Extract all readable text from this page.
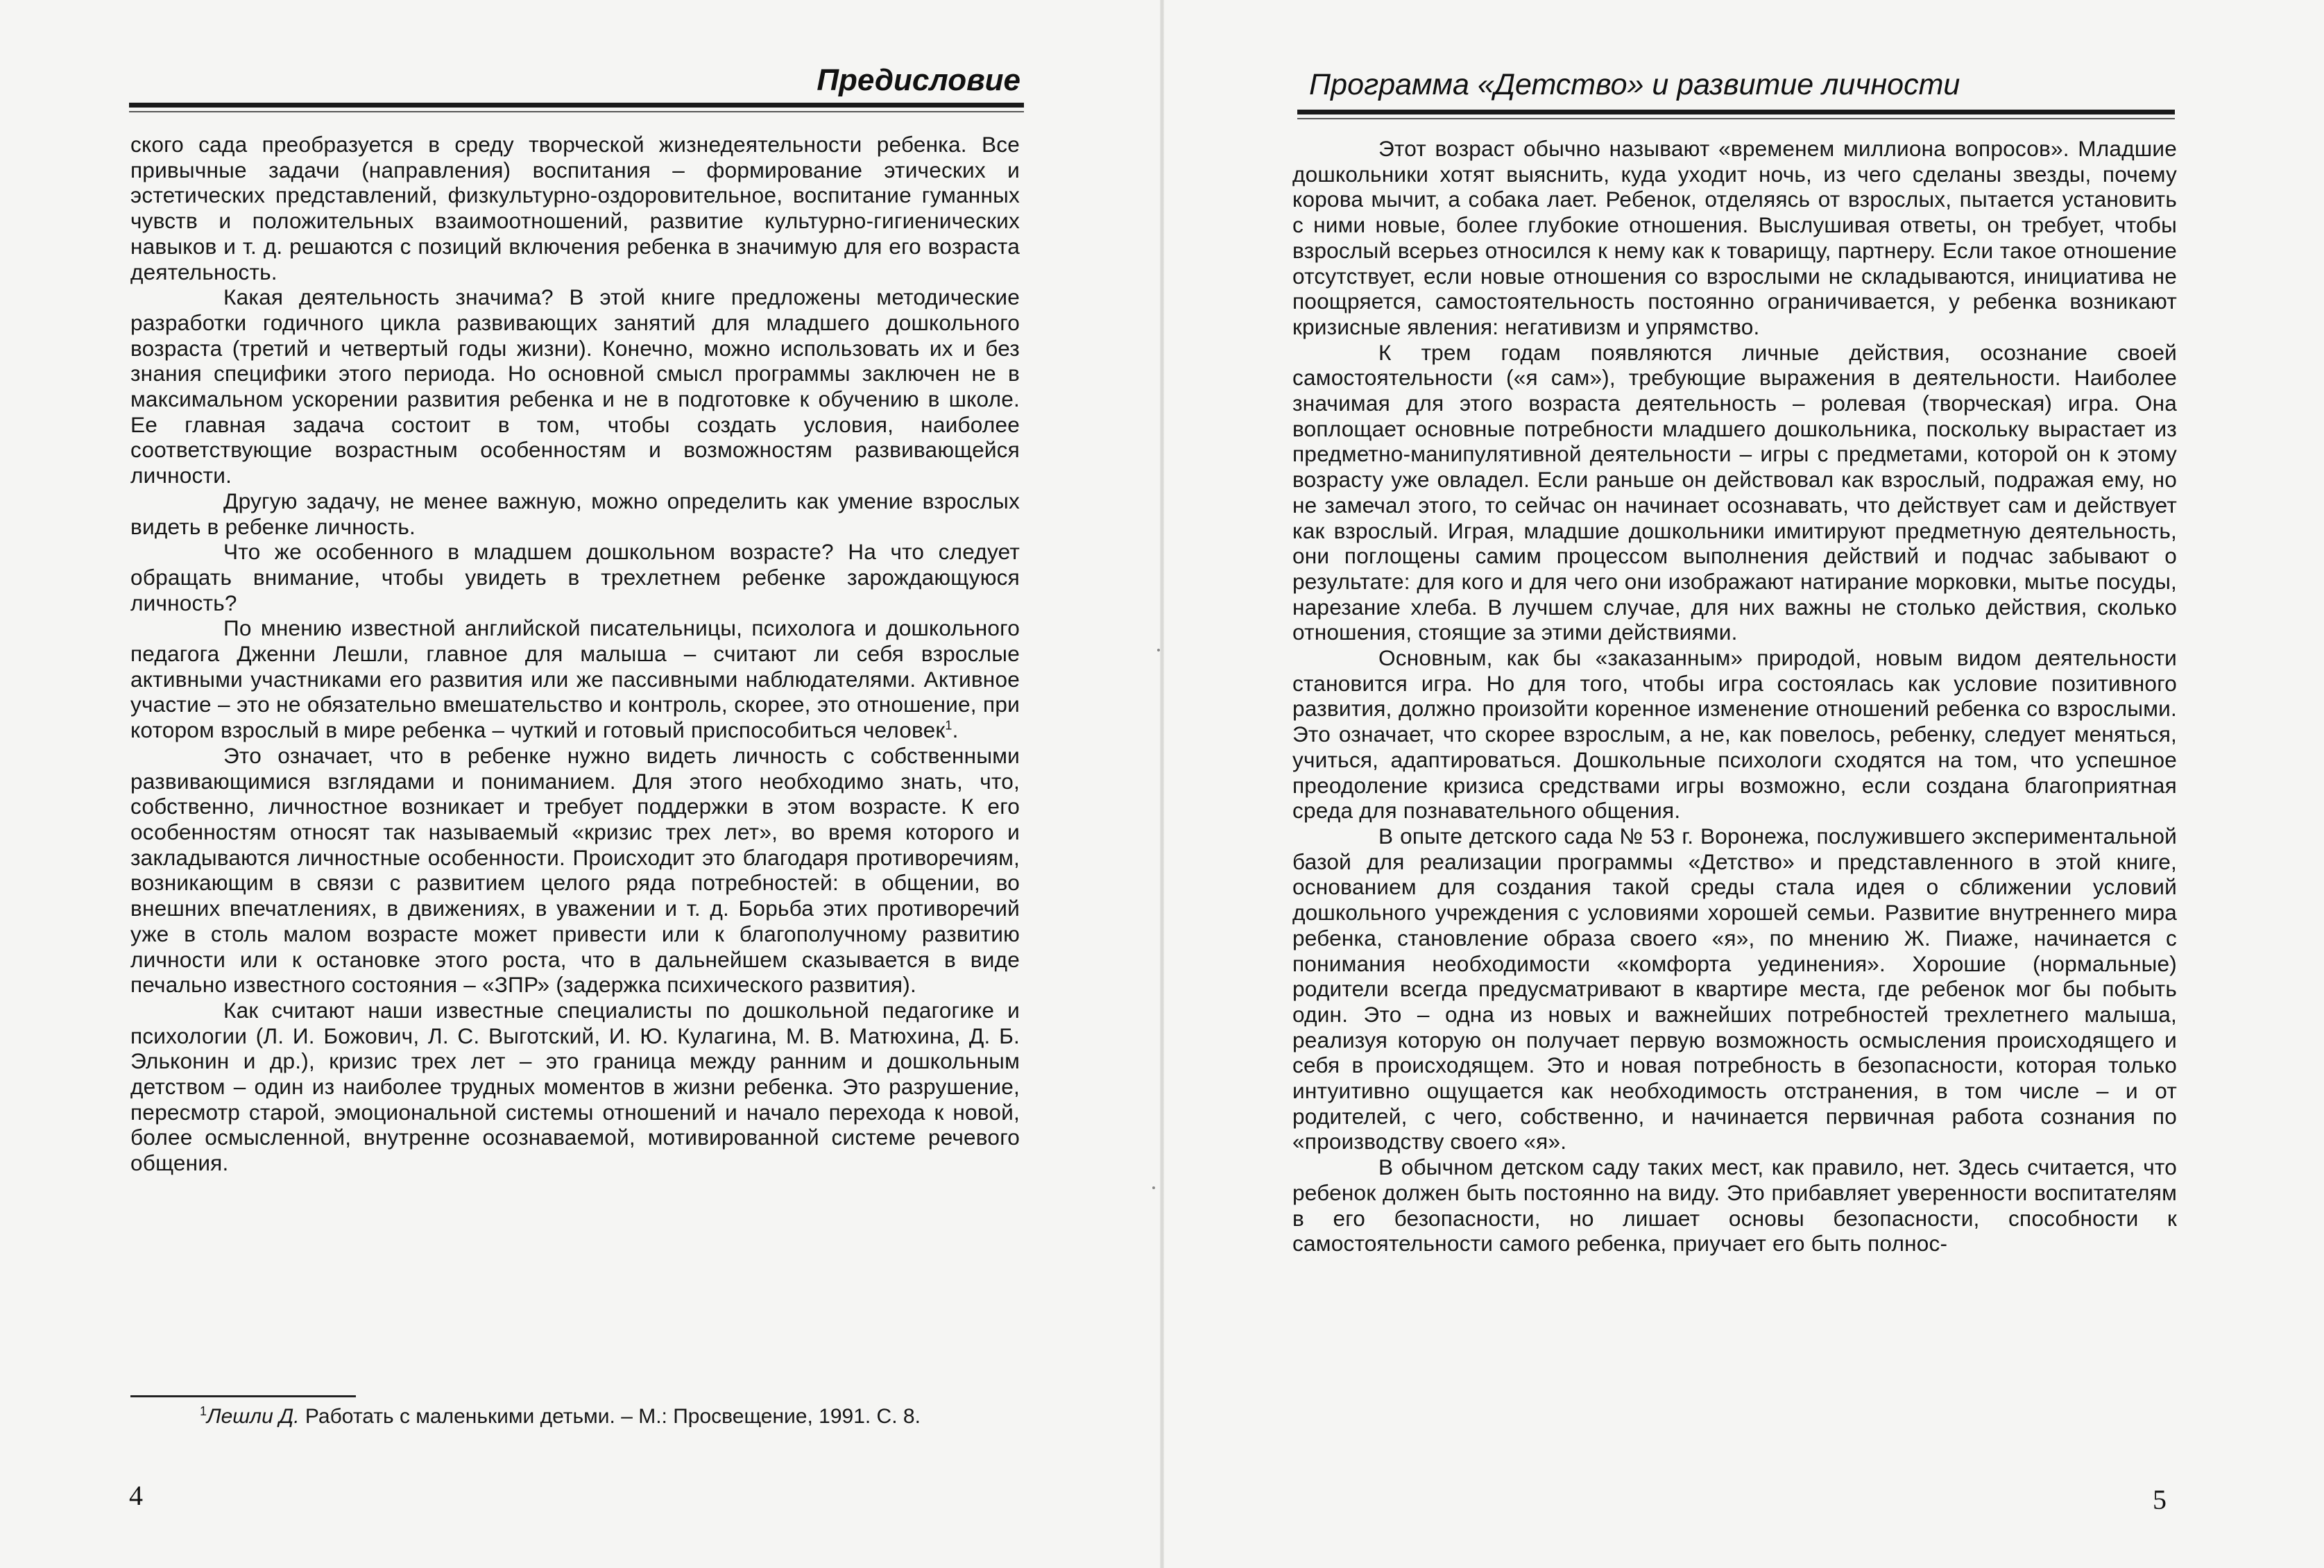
Предисловие

ского сада преобразуется в среду творческой жизнедеятельности ребенка. Все привычные задачи (направления) воспитания – формирование этических и эстетических представлений, физкультурно-оздоровительное, воспитание гуманных чувств и положительных взаимоотношений, развитие культурно-гигиенических навыков и т. д. решаются с позиций включения ребенка в значимую для его возраста деятельность.

Какая деятельность значима? В этой книге предложены методические разработки годичного цикла развивающих занятий для младшего дошкольного возраста (третий и четвертый годы жизни). Конечно, можно использовать их и без знания специфики этого периода. Но основной смысл программы заключен не в максимальном ускорении развития ребенка и не в подготовке к обучению в школе. Ее главная задача состоит в том, чтобы создать условия, наиболее соответствующие возрастным особенностям и возможностям развивающейся личности.

Другую задачу, не менее важную, можно определить как умение взрослых видеть в ребенке личность.

Что же особенного в младшем дошкольном возрасте? На что следует обращать внимание, чтобы увидеть в трехлетнем ребенке зарождающуюся личность?

По мнению известной английской писательницы, психолога и дошкольного педагога Дженни Лешли, главное для малыша – считают ли себя взрослые активными участниками его развития или же пассивными наблюдателями. Активное участие – это не обязательно вмешательство и контроль, скорее, это отношение, при котором взрослый в мире ребенка – чуткий и готовый приспособиться человек$^1$.

Это означает, что в ребенке нужно видеть личность с собственными развивающимися взглядами и пониманием. Для этого необходимо знать, что, собственно, личностное возникает и требует поддержки в этом возрасте. К его особенностям относят так называемый «кризис трех лет», во время которого и закладываются личностные особенности. Происходит это благодаря противоречиям, возникающим в связи с развитием целого ряда потребностей: в общении, во внешних впечатлениях, в движениях, в уважении и т. д. Борьба этих противоречий уже в столь малом возрасте может привести или к благополучному развитию личности или к остановке этого роста, что в дальнейшем сказывается в виде печально известного состояния – «ЗПР» (задержка психического развития).

Как считают наши известные специалисты по дошкольной педагогике и психологии (Л. И. Божович, Л. С. Выготский, И. Ю. Кулагина, М. В. Матюхина, Д. Б. Эльконин и др.), кризис трех лет – это граница между ранним и дошкольным детством – один из наиболее трудных моментов в жизни ребенка. Это разрушение, пересмотр старой, эмоциональной системы отношений и начало перехода к новой, более осмысленной, внутренне осознаваемой, мотивированной системе речевого общения.

$^1$Лешли Д. Работать с маленькими детьми. – М.: Просвещение, 1991. С. 8.
4
Программа «Детство» и развитие личности

Этот возраст обычно называют «временем миллиона вопросов». Младшие дошкольники хотят выяснить, куда уходит ночь, из чего сделаны звезды, почему корова мычит, а собака лает. Ребенок, отделяясь от взрослых, пытается установить с ними новые, более глубокие отношения. Выслушивая ответы, он требует, чтобы взрослый всерьез относился к нему как к товарищу, партнеру. Если такое отношение отсутствует, если новые отношения со взрослыми не складываются, инициатива не поощряется, самостоятельность постоянно ограничивается, у ребенка возникают кризисные явления: негативизм и упрямство.

К трем годам появляются личные действия, осознание своей самостоятельности («я сам»), требующие выражения в деятельности. Наиболее значимая для этого возраста деятельность – ролевая (творческая) игра. Она воплощает основные потребности младшего дошкольника, поскольку вырастает из предметно-манипулятивной деятельности – игры с предметами, которой он к этому возрасту уже овладел. Если раньше он действовал как взрослый, подражая ему, но не замечал этого, то сейчас он начинает осознавать, что действует сам и действует как взрослый. Играя, младшие дошкольники имитируют предметную деятельность, они поглощены самим процессом выполнения действий и подчас забывают о результате: для кого и для чего они изображают натирание морковки, мытье посуды, нарезание хлеба. В лучшем случае, для них важны не столько действия, сколько отношения, стоящие за этими действиями.

Основным, как бы «заказанным» природой, новым видом деятельности становится игра. Но для того, чтобы игра состоялась как условие позитивного развития, должно произойти коренное изменение отношений ребенка со взрослыми. Это означает, что скорее взрослым, а не, как повелось, ребенку, следует меняться, учиться, адаптироваться. Дошкольные психологи сходятся на том, что успешное преодоление кризиса средствами игры возможно, если создана благоприятная среда для познавательного общения.

В опыте детского сада № 53 г. Воронежа, послужившего экспериментальной базой для реализации программы «Детство» и представленного в этой книге, основанием для создания такой среды стала идея о сближении условий дошкольного учреждения с условиями хорошей семьи. Развитие внутреннего мира ребенка, становление образа своего «я», по мнению Ж. Пиаже, начинается с понимания необходимости «комфорта уединения». Хорошие (нормальные) родители всегда предусматривают в квартире места, где ребенок мог бы побыть один. Это – одна из новых и важнейших потребностей трехлетнего малыша, реализуя которую он получает первую возможность осмысления происходящего и себя в происходящем. Это и новая потребность в безопасности, которая только интуитивно ощущается как необходимость отстранения, в том числе – и от родителей, с чего, собственно, и начинается первичная работа сознания по «производству своего «я».

В обычном детском саду таких мест, как правило, нет. Здесь считается, что ребенок должен быть постоянно на виду. Это прибавляет уверенности воспитателям в его безопасности, но лишает основы безопасности, способности к самостоятельности самого ребенка, приучает его быть полнос-

5
